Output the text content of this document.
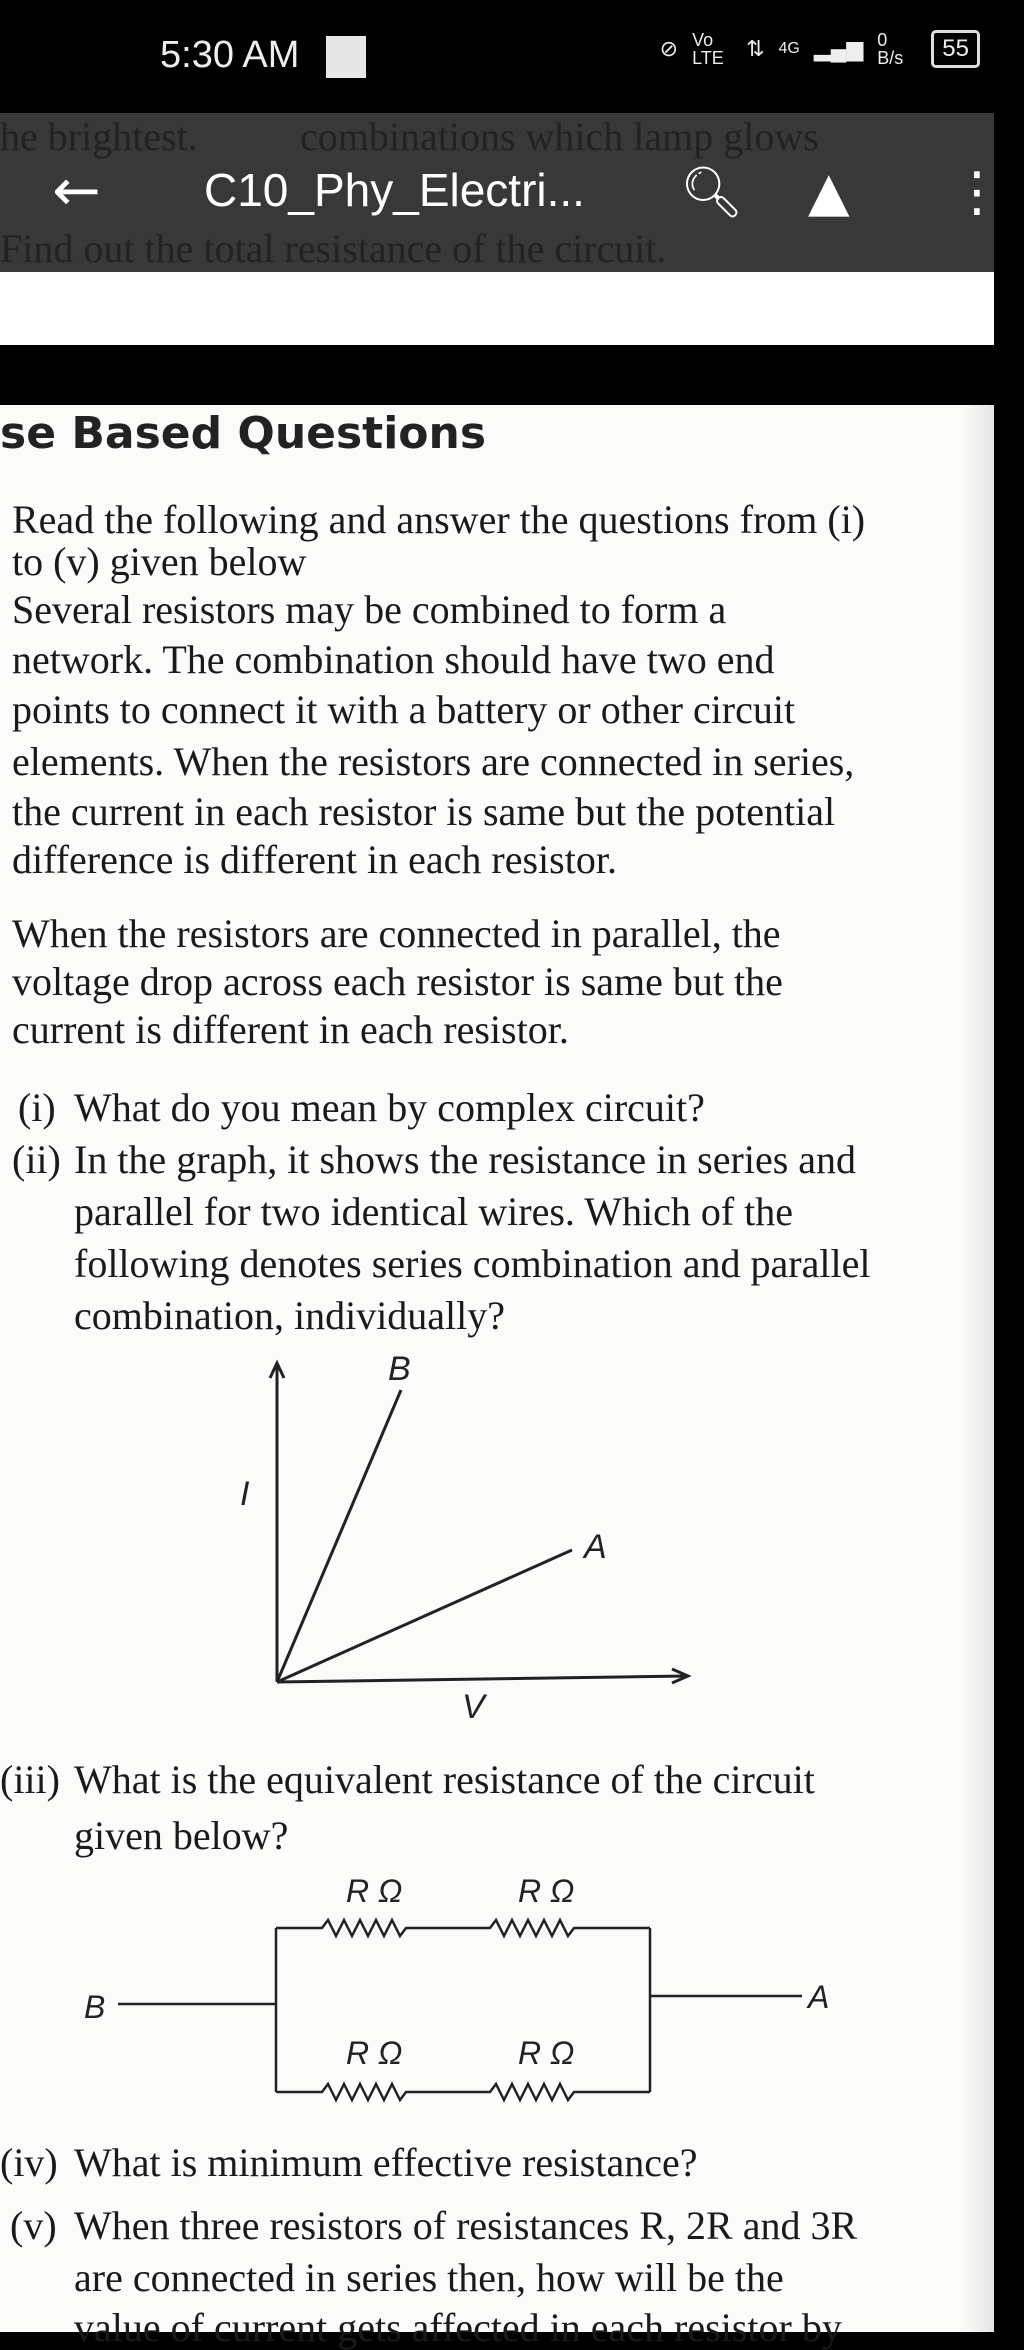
5:30 AM	⊘ Vo LTE	⇅ 4G ▂▄▆ 0 B/s	55
combinations which lamp glows
he brightest.
Find out the total resistance of the circuit.
← C10_Phy_Electri... 🔍︎ ▲ ⋮
se Based Questions
Read the following and answer the questions from (i)
to (v) given below
Several resistors may be combined to form a
network. The combination should have two end
points to connect it with a battery or other circuit
elements. When the resistors are connected in series,
the current in each resistor is same but the potential
difference is different in each resistor.
When the resistors are connected in parallel, the
voltage drop across each resistor is same but the
current is different in each resistor.
(i) What do you mean by complex circuit?
(ii) In the graph, it shows the resistance in series and
parallel for two identical wires. Which of the
following denotes series combination and parallel
combination, individually?
I
V
B
A
B	A
R Ω	R Ω
R Ω	R Ω
(iii) What is the equivalent resistance of the circuit
given below?
(iv) What is minimum effective resistance?
(v) When three resistors of resistances R, 2R and 3R
are connected in series then, how will be the
value of current gets affected in each resistor by
